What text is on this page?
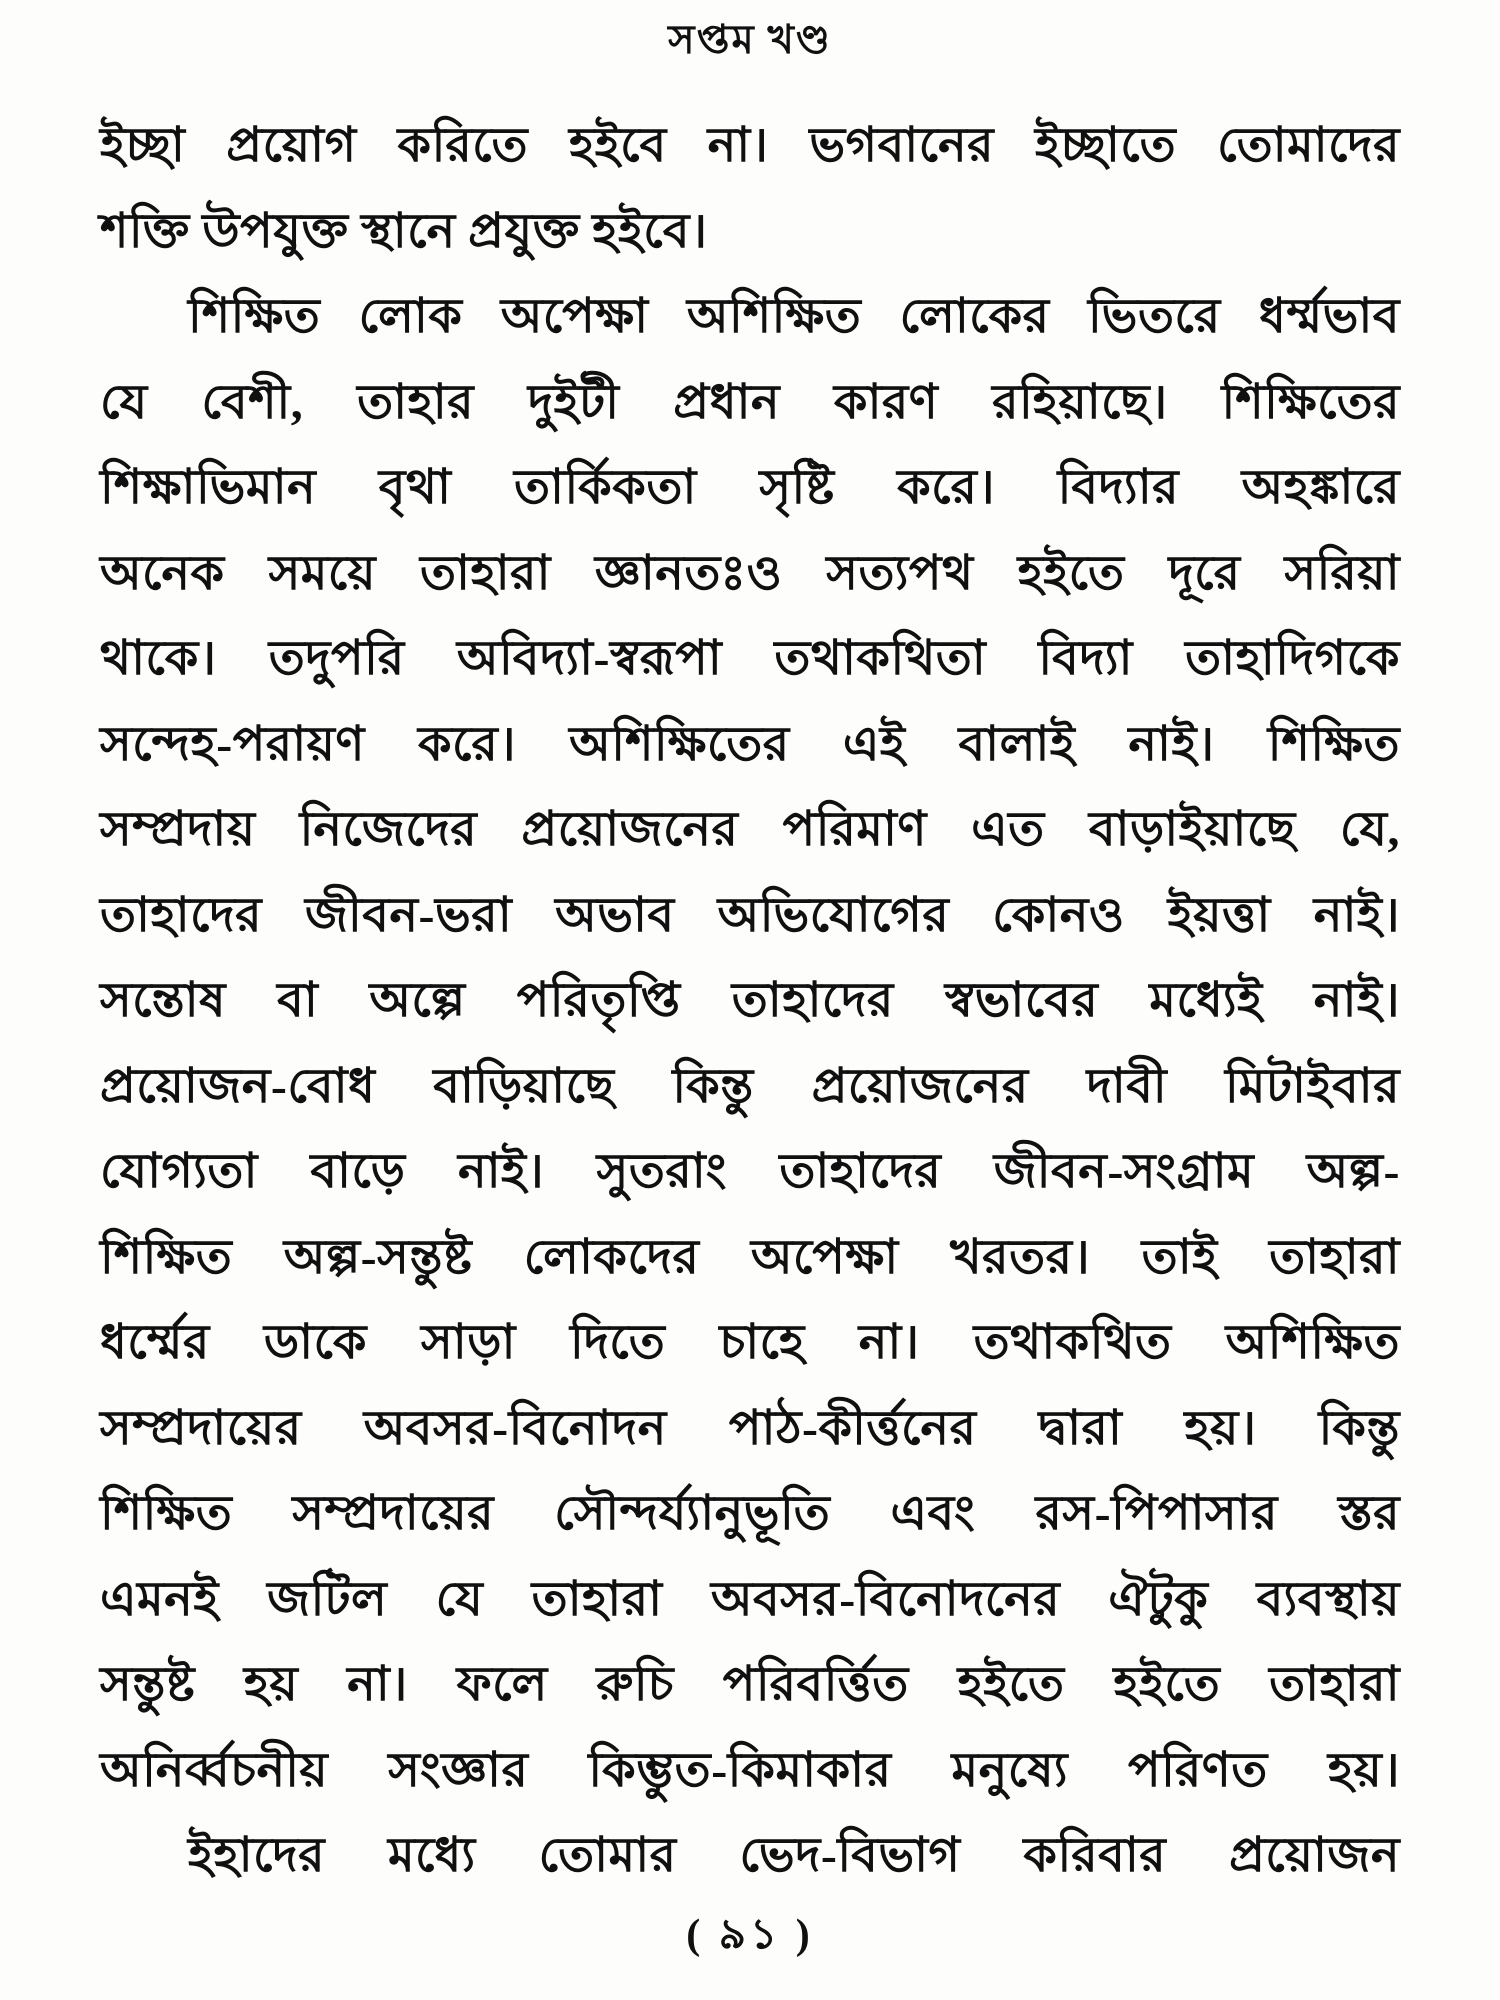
সপ্তম খণ্ড
ইচ্ছা প্রয়োগ করিতে হইবে না। ভগবানের ইচ্ছাতে তোমাদের
শক্তি উপযুক্ত স্থানে প্রযুক্ত হইবে।
শিক্ষিত লোক অপেক্ষা অশিক্ষিত লোকের ভিতরে ধর্ম্মভাব
যে বেশী, তাহার দুইটী প্রধান কারণ রহিয়াছে। শিক্ষিতের
শিক্ষাভিমান বৃথা তার্কিকতা সৃষ্টি করে। বিদ্যার অহঙ্কারে
অনেক সময়ে তাহারা জ্ঞানতঃও সত্যপথ হইতে দূরে সরিয়া
থাকে। তদুপরি অবিদ্যা-স্বরূপা তথাকথিতা বিদ্যা তাহাদিগকে
সন্দেহ-পরায়ণ করে। অশিক্ষিতের এই বালাই নাই। শিক্ষিত
সম্প্রদায় নিজেদের প্রয়োজনের পরিমাণ এত বাড়াইয়াছে যে,
তাহাদের জীবন-ভরা অভাব অভিযোগের কোনও ইয়ত্তা নাই।
সন্তোষ বা অল্পে পরিতৃপ্তি তাহাদের স্বভাবের মধ্যেই নাই।
প্রয়োজন-বোধ বাড়িয়াছে কিন্তু প্রয়োজনের দাবী মিটাইবার
যোগ্যতা বাড়ে নাই। সুতরাং তাহাদের জীবন-সংগ্রাম অল্প-
শিক্ষিত অল্প-সন্তুষ্ট লোকদের অপেক্ষা খরতর। তাই তাহারা
ধর্ম্মের ডাকে সাড়া দিতে চাহে না। তথাকথিত অশিক্ষিত
সম্প্রদায়ের অবসর-বিনোদন পাঠ-কীর্ত্তনের দ্বারা হয়। কিন্তু
শিক্ষিত সম্প্রদায়ের সৌন্দর্য্যানুভূতি এবং রস-পিপাসার স্তর
এমনই জটিল যে তাহারা অবসর-বিনোদনের ঐটুকু ব্যবস্থায়
সন্তুষ্ট হয় না। ফলে রুচি পরিবর্ত্তিত হইতে হইতে তাহারা
অনির্ব্বচনীয় সংজ্ঞার কিম্ভুত-কিমাকার মনুষ্যে পরিণত হয়।
ইহাদের মধ্যে তোমার ভেদ-বিভাগ করিবার প্রয়োজন
( ৯১ )
